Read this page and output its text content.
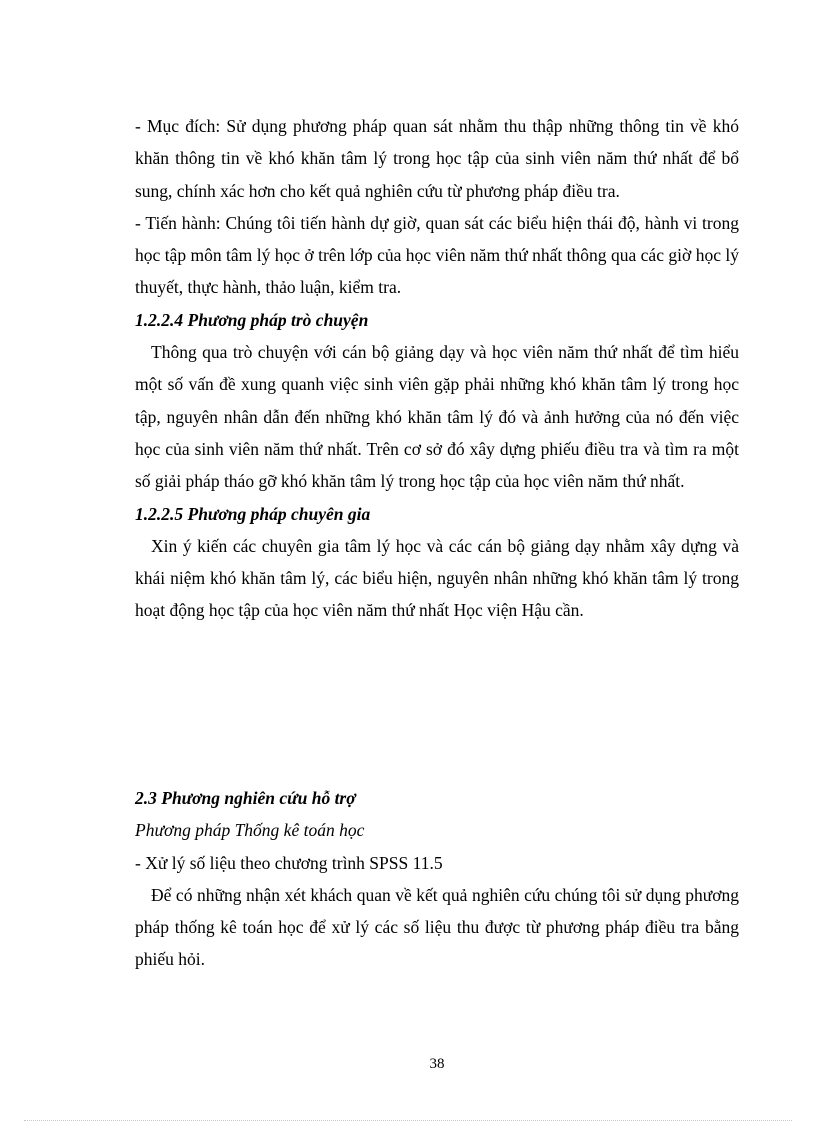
- Mục đích: Sử dụng phương pháp quan sát nhằm thu thập những thông tin về khó khăn thông tin về khó khăn tâm lý trong học tập của sinh viên năm thứ nhất để bổ sung, chính xác hơn cho kết quả nghiên cứu từ phương pháp điều tra.

- Tiến hành: Chúng tôi tiến hành dự giờ, quan sát các biểu hiện thái độ, hành vi trong học tập môn tâm lý học ở trên lớp của học viên năm thứ nhất thông qua các giờ học lý thuyết, thực hành, thảo luận, kiểm tra.

1.2.2.4 Phương pháp trò chuyện

Thông qua trò chuyện với cán bộ giảng dạy và học viên năm thứ nhất để tìm hiểu một số vấn đề xung quanh việc sinh viên gặp phải những khó khăn tâm lý trong học tập, nguyên nhân dẫn đến những khó khăn tâm lý đó và ảnh hưởng của nó đến việc học của sinh viên năm thứ nhất. Trên cơ sở đó xây dựng phiếu điều tra và tìm ra một số giải pháp tháo gỡ khó khăn tâm lý trong học tập của học viên năm thứ nhất.

1.2.2.5 Phương pháp chuyên gia

Xin ý kiến các chuyên gia tâm lý học và các cán bộ giảng dạy nhằm xây dựng và khái niệm khó khăn tâm lý, các biểu hiện, nguyên nhân những khó khăn tâm lý trong hoạt động học tập của học viên năm thứ nhất Học viện Hậu cần.

2.3 Phương nghiên cứu hỗ trợ

Phương pháp Thống kê toán học

- Xử lý số liệu theo chương trình SPSS 11.5

Để có những nhận xét khách quan về kết quả nghiên cứu chúng tôi sử dụng phương pháp thống kê toán học để xử lý các số liệu thu được từ phương pháp điều tra bằng phiếu hỏi.

38
